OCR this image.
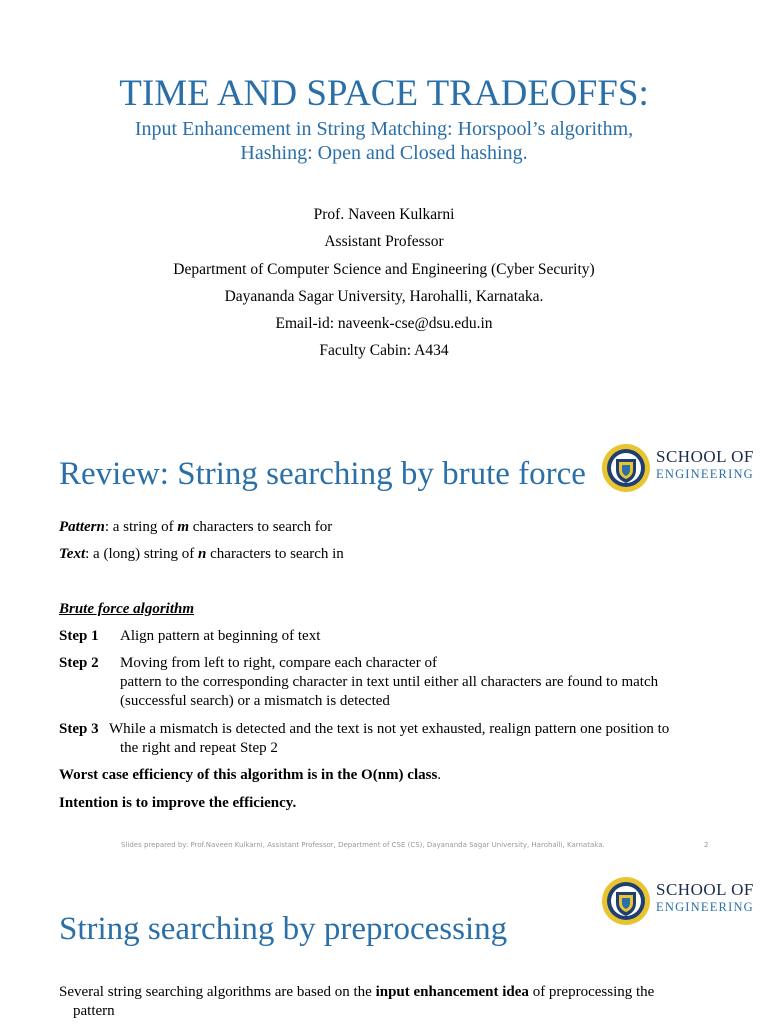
TIME AND SPACE TRADEOFFS:
Input Enhancement in String Matching: Horspool’s algorithm,
Hashing: Open and Closed hashing.
Prof. Naveen Kulkarni
Assistant Professor
Department of Computer Science and Engineering (Cyber Security)
Dayananda Sagar University, Harohalli, Karnataka.
Email-id: naveenk-cse@dsu.edu.in
Faculty Cabin: A434
SCHOOL OF
ENGINEERING
Review: String searching by brute force
Pattern: a string of m characters to search for
Text: a (long) string of n characters to search in
Brute force algorithm
Step 1 Align pattern at beginning of text
Step 2 Moving from left to right, compare each character of
pattern to the corresponding character in text until either all characters are found to match (successful search) or a mismatch is detected
Step 3 While a mismatch is detected and the text is not yet exhausted, realign pattern one position to
the right and repeat Step 2
Worst case efficiency of this algorithm is in the O(nm) class.
Intention is to improve the efficiency.
Slides prepared by: Prof.Naveen Kulkarni, Assistant Professor, Department of CSE (CS), Dayananda Sagar University, Harohalli, Karnataka.	2
SCHOOL OF
ENGINEERING
String searching by preprocessing
Several string searching algorithms are based on the input enhancement idea of preprocessing the
pattern
